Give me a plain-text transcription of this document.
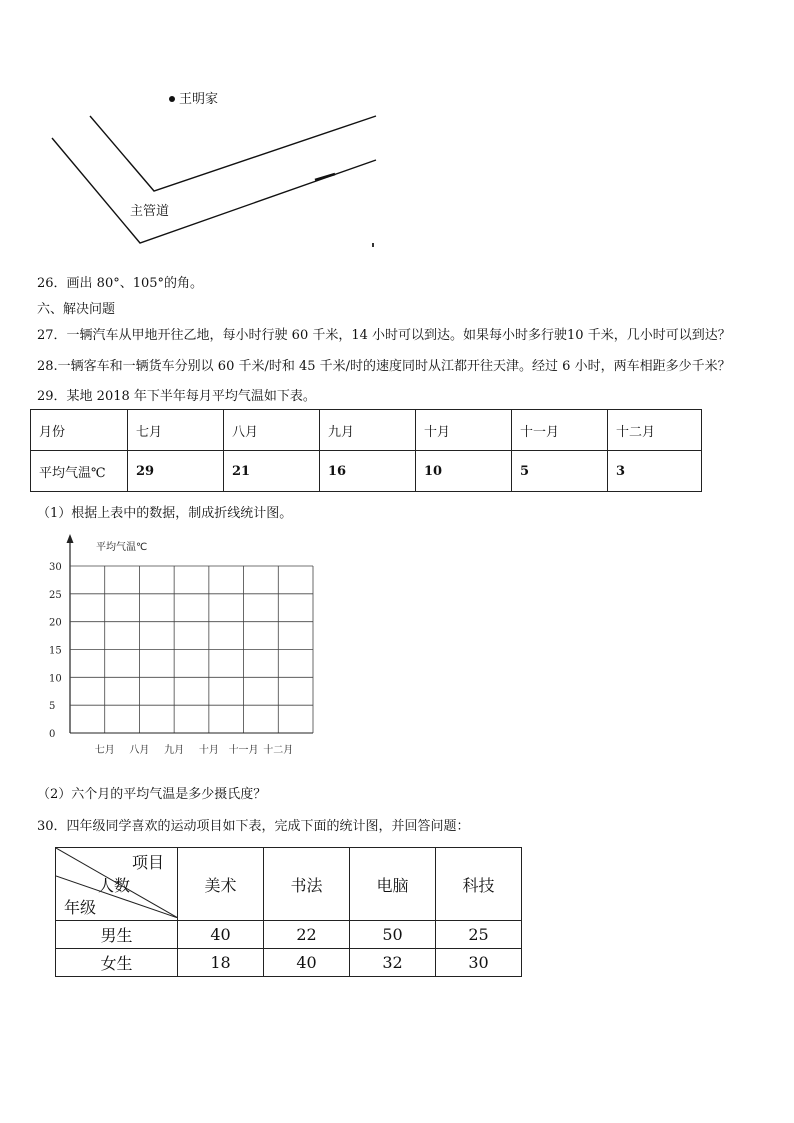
王明家
主管道
26．画出 80°、105°的角。
六、解决问题
27．一辆汽车从甲地开往乙地，每小时行驶 60 千米，14 小时可以到达。如果每小时多行驶10 千米，几小时可以到达？
28.一辆客车和一辆货车分别以 60 千米/时和 45 千米/时的速度同时从江都开往天津。经过 6 小时，两车相距多少千米？
29．某地 2018 年下半年每月平均气温如下表。
月份	七月	八月	九月	十月	十一月	十二月
平均气温℃	29	21	16	10	5	3
（1）根据上表中的数据，制成折线统计图。
平均气温℃
30
25
20
15
10
5
0
七月 八月 九月 十月 十一月 十二月
（2）六个月的平均气温是多少摄氏度？
30．四年级同学喜欢的运动项目如下表，完成下面的统计图，并回答问题：
项目
人数
年级	美术	书法	电脑	科技
男生	40	22	50	25
女生	18	40	32	30
